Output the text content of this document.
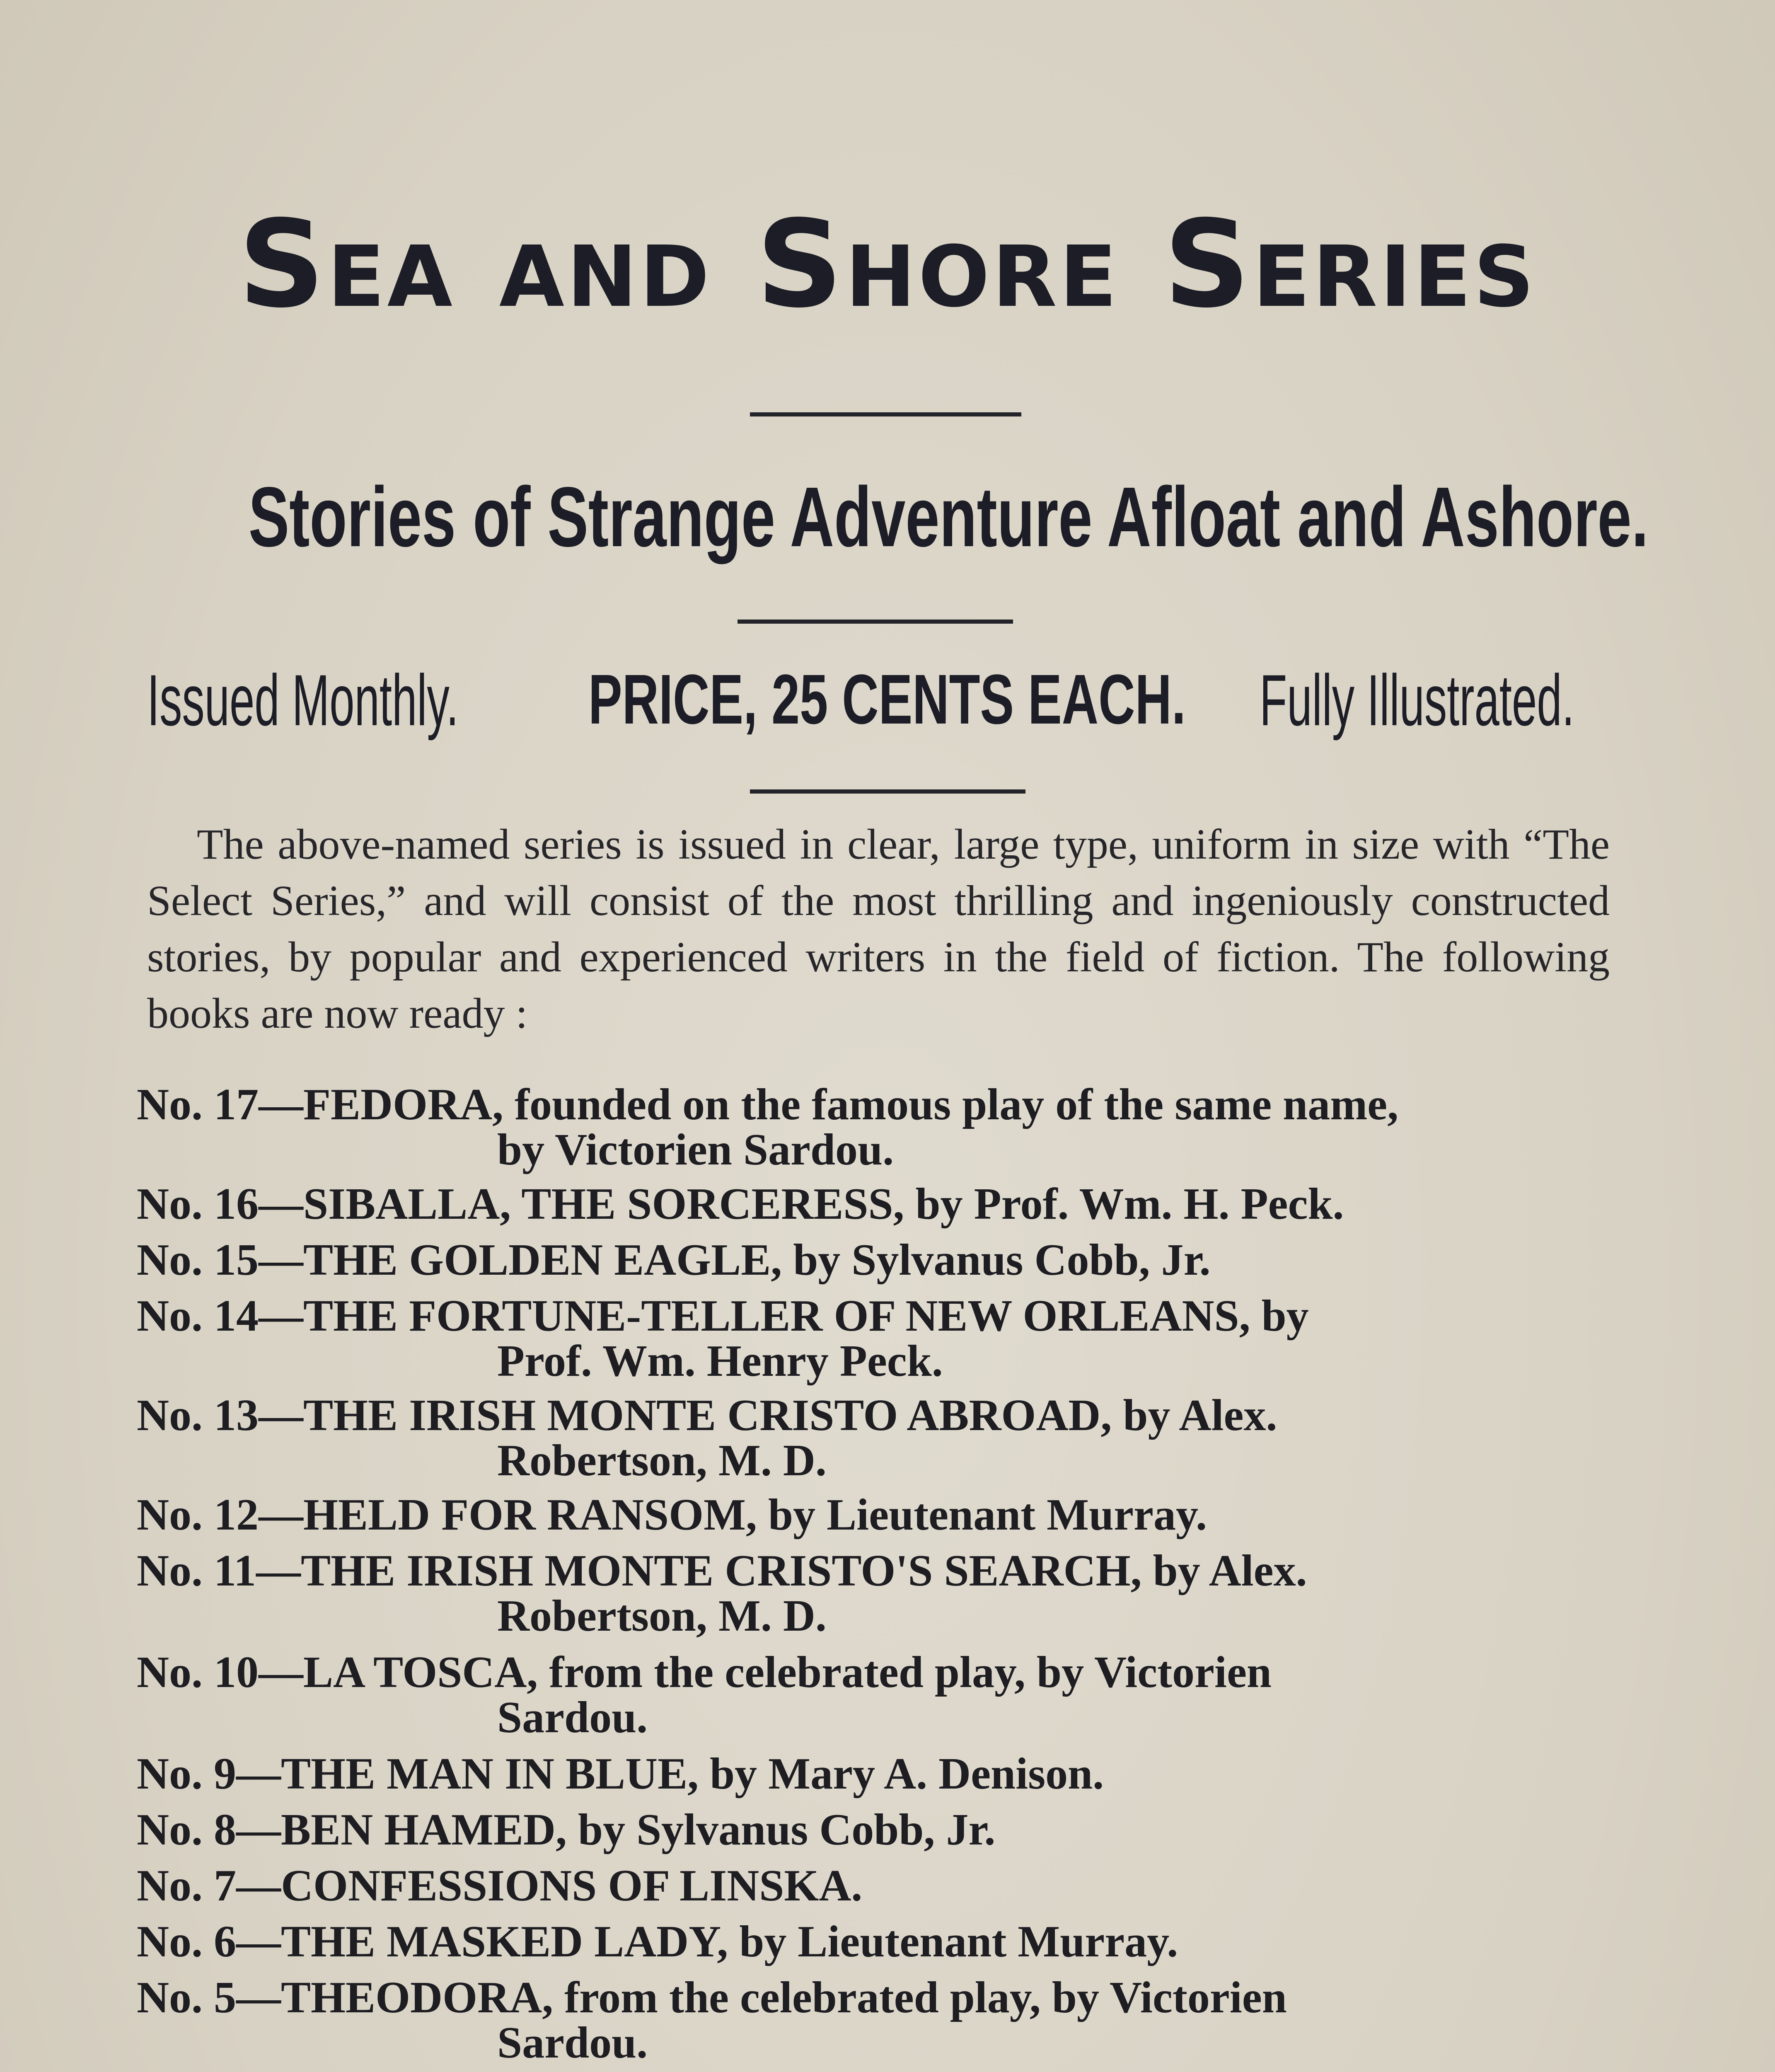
Sea and Shore Series
Stories of Strange Adventure Afloat and Ashore.
Issued Monthly. PRICE, 25 CENTS EACH. Fully Illustrated.
The above-named series is issued in clear, large type, uniform in size with “The Select Series,” and will consist of the most thrilling and ingeniously constructed stories, by popular and experienced writers in the field of fiction. The following books are now ready :
No. 17—FEDORA, founded on the famous play of the same name,
by Victorien Sardou.
No. 16—SIBALLA, THE SORCERESS, by Prof. Wm. H. Peck.
No. 15—THE GOLDEN EAGLE, by Sylvanus Cobb, Jr.
No. 14—THE FORTUNE-TELLER OF NEW ORLEANS, by
Prof. Wm. Henry Peck.
No. 13—THE IRISH MONTE CRISTO ABROAD, by Alex.
Robertson, M. D.
No. 12—HELD FOR RANSOM, by Lieutenant Murray.
No. 11—THE IRISH MONTE CRISTO'S SEARCH, by Alex.
Robertson, M. D.
No. 10—LA TOSCA, from the celebrated play, by Victorien
Sardou.
No. 9—THE MAN IN BLUE, by Mary A. Denison.
No. 8—BEN HAMED, by Sylvanus Cobb, Jr.
No. 7—CONFESSIONS OF LINSKA.
No. 6—THE MASKED LADY, by Lieutenant Murray.
No. 5—THEODORA, from the celebrated play, by Victorien
Sardou.
